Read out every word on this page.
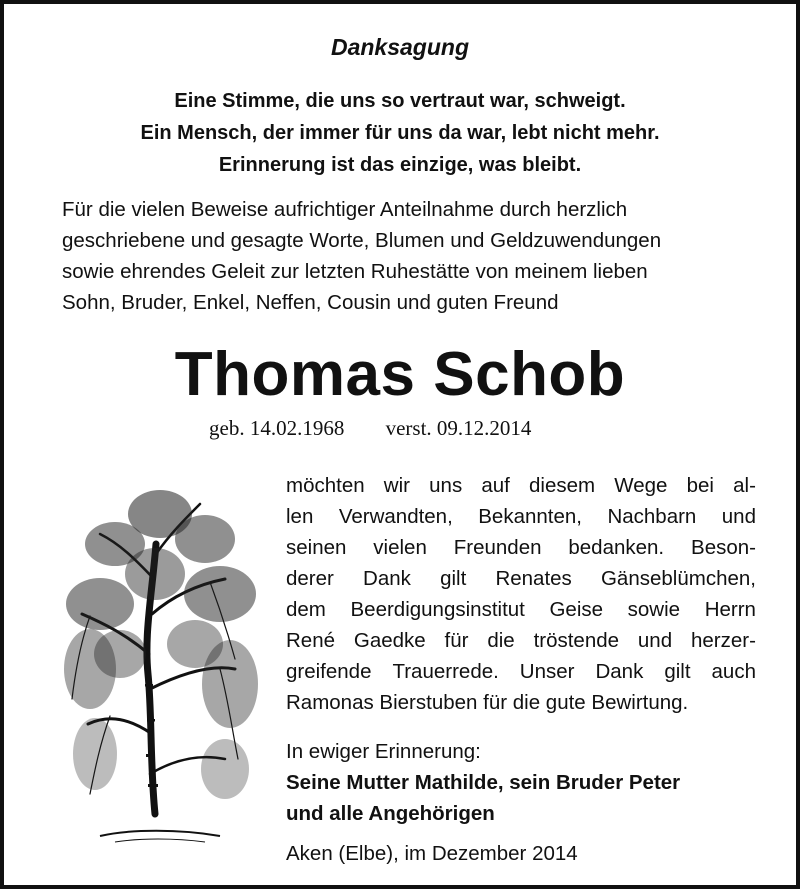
Danksagung
Eine Stimme, die uns so vertraut war, schweigt.
Ein Mensch, der immer für uns da war, lebt nicht mehr.
Erinnerung ist das einzige, was bleibt.
Für die vielen Beweise aufrichtiger Anteilnahme durch herzlich
geschriebene und gesagte Worte, Blumen und Geldzuwendungen
sowie ehrendes Geleit zur letzten Ruhestätte von meinem lieben
Sohn, Bruder, Enkel, Neffen, Cousin und guten Freund
Thomas Schob
geb. 14.02.1968 verst. 09.12.2014
möchten wir uns auf diesem Wege bei al-
len Verwandten, Bekannten, Nachbarn und
seinen vielen Freunden bedanken. Beson-
derer Dank gilt Renates Gänseblümchen,
dem Beerdigungsinstitut Geise sowie Herrn
René Gaedke für die tröstende und herzer-
greifende Trauerrede. Unser Dank gilt auch
Ramonas Bierstuben für die gute Bewirtung.
In ewiger Erinnerung:
Seine Mutter Mathilde, sein Bruder Peter
und alle Angehörigen
Aken (Elbe), im Dezember 2014
